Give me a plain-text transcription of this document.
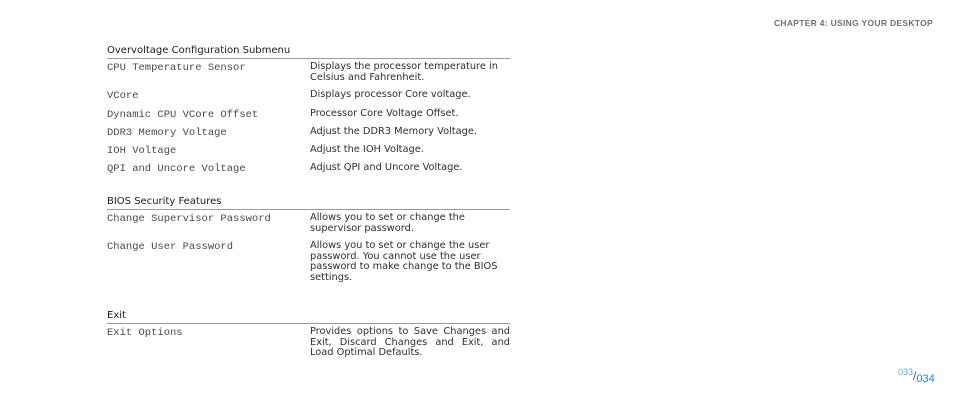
CHAPTER 4: USING YOUR DESKTOP
Overvoltage Configuration Submenu
CPU Temperature Sensor	Displays the processor temperature in Celsius and Fahrenheit.
VCore	Displays processor Core voltage.
Dynamic CPU VCore Offset	Processor Core Voltage Offset.
DDR3 Memory Voltage	Adjust the DDR3 Memory Voltage.
IOH Voltage	Adjust the IOH Voltage.
QPI and Uncore Voltage	Adjust QPI and Uncore Voltage.
BIOS Security Features
Change Supervisor Password	Allows you to set or change the supervisor password.
Change User Password	Allows you to set or change the user password. You cannot use the user password to make change to the BIOS settings.
Exit
Exit Options	Provides options to Save Changes and Exit, Discard Changes and Exit, and Load Optimal Defaults.
$^{033}$/034
